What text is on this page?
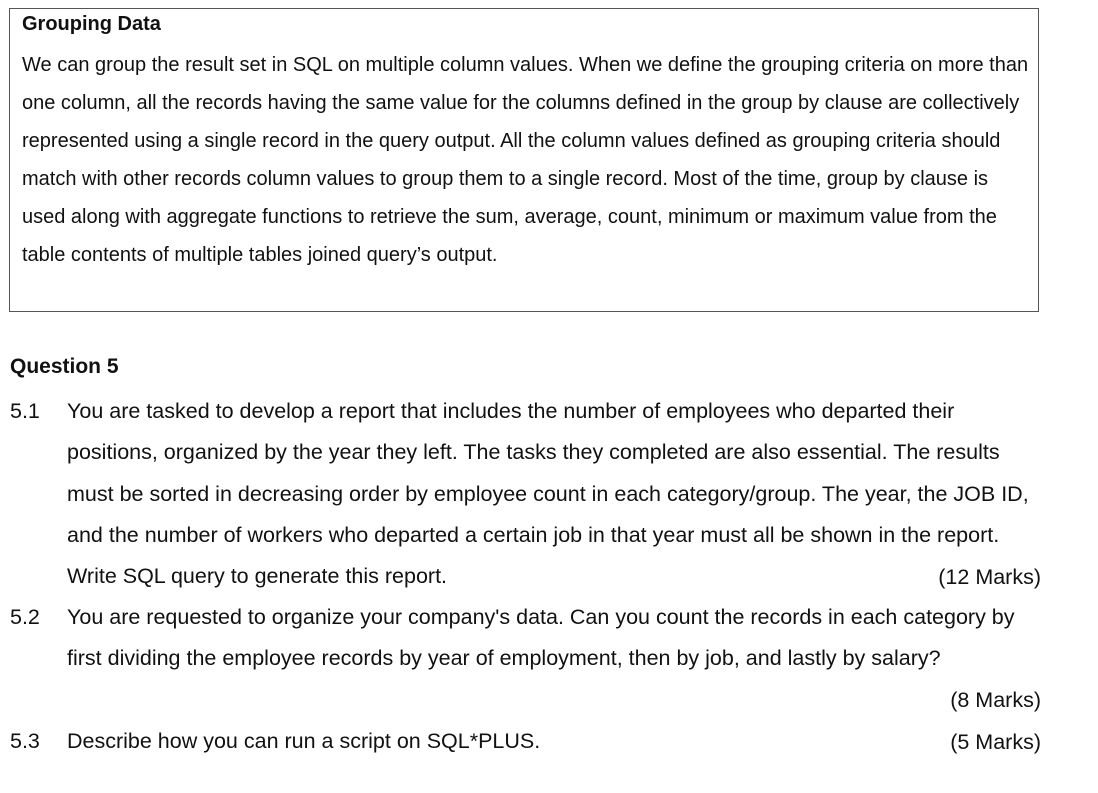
Grouping Data

We can group the result set in SQL on multiple column values. When we define the grouping criteria on more than one column, all the records having the same value for the columns defined in the group by clause are collectively represented using a single record in the query output. All the column values defined as grouping criteria should match with other records column values to group them to a single record. Most of the time, group by clause is used along with aggregate functions to retrieve the sum, average, count, minimum or maximum value from the table contents of multiple tables joined query’s output.

Question 5

5.1 You are tasked to develop a report that includes the number of employees who departed their positions, organized by the year they left. The tasks they completed are also essential. The results must be sorted in decreasing order by employee count in each category/group. The year, the JOB ID, and the number of workers who departed a certain job in that year must all be shown in the report. Write SQL query to generate this report.	(12 Marks)
5.2 You are requested to organize your company's data. Can you count the records in each category by first dividing the employee records by year of employment, then by job, and lastly by salary?
(8 Marks)
5.3 Describe how you can run a script on SQL*PLUS.	(5 Marks)
